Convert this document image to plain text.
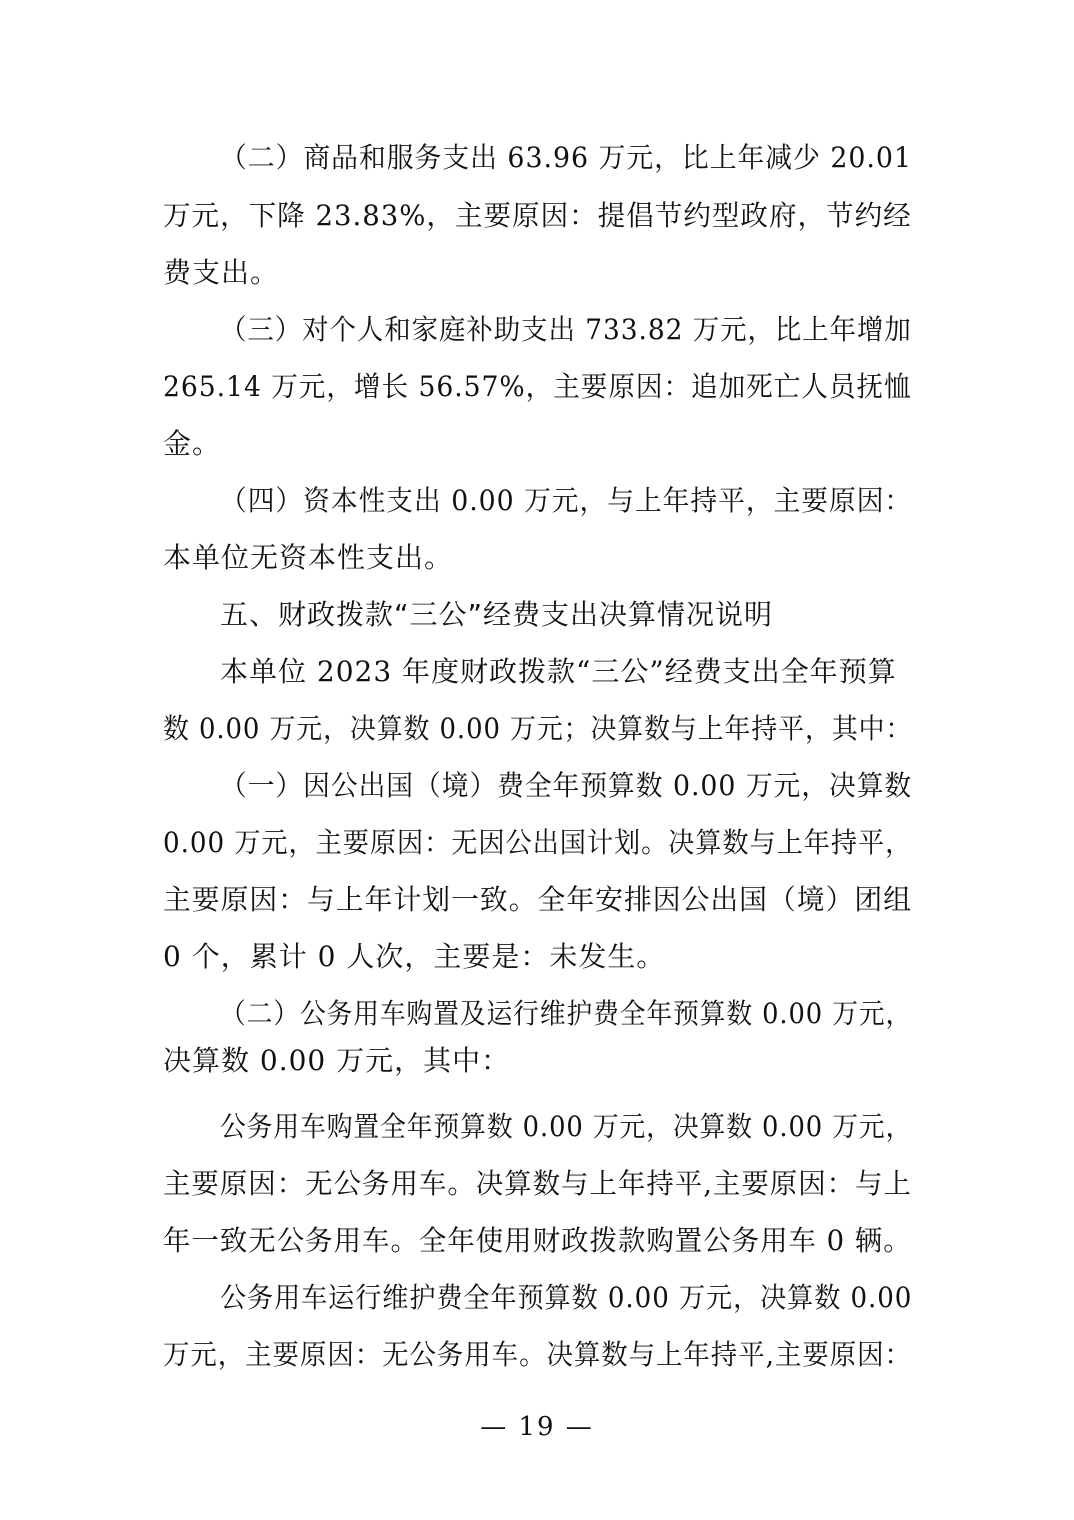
（二）商品和服务支出 63.96 万元，比上年减少 20.01
万元，下降 23.83%，主要原因：提倡节约型政府，节约经
费支出。
（三）对个人和家庭补助支出 733.82 万元，比上年增加
265.14 万元，增长 56.57%，主要原因：追加死亡人员抚恤
金。
（四）资本性支出 0.00 万元，与上年持平，主要原因：
本单位无资本性支出。
五、财政拨款“三公”经费支出决算情况说明
本单位 2023 年度财政拨款“三公”经费支出全年预算
数 0.00 万元，决算数 0.00 万元；决算数与上年持平，其中：
（一）因公出国（境）费全年预算数 0.00 万元，决算数
0.00 万元，主要原因：无因公出国计划。决算数与上年持平，
主要原因：与上年计划一致。全年安排因公出国（境）团组
0 个，累计 0 人次，主要是：未发生。
（二）公务用车购置及运行维护费全年预算数 0.00 万元，
决算数 0.00 万元，其中：
公务用车购置全年预算数 0.00 万元，决算数 0.00 万元，
主要原因：无公务用车。决算数与上年持平,主要原因：与上
年一致无公务用车。全年使用财政拨款购置公务用车 0 辆。
公务用车运行维护费全年预算数 0.00 万元，决算数 0.00
万元，主要原因：无公务用车。决算数与上年持平,主要原因：
— 19 —
